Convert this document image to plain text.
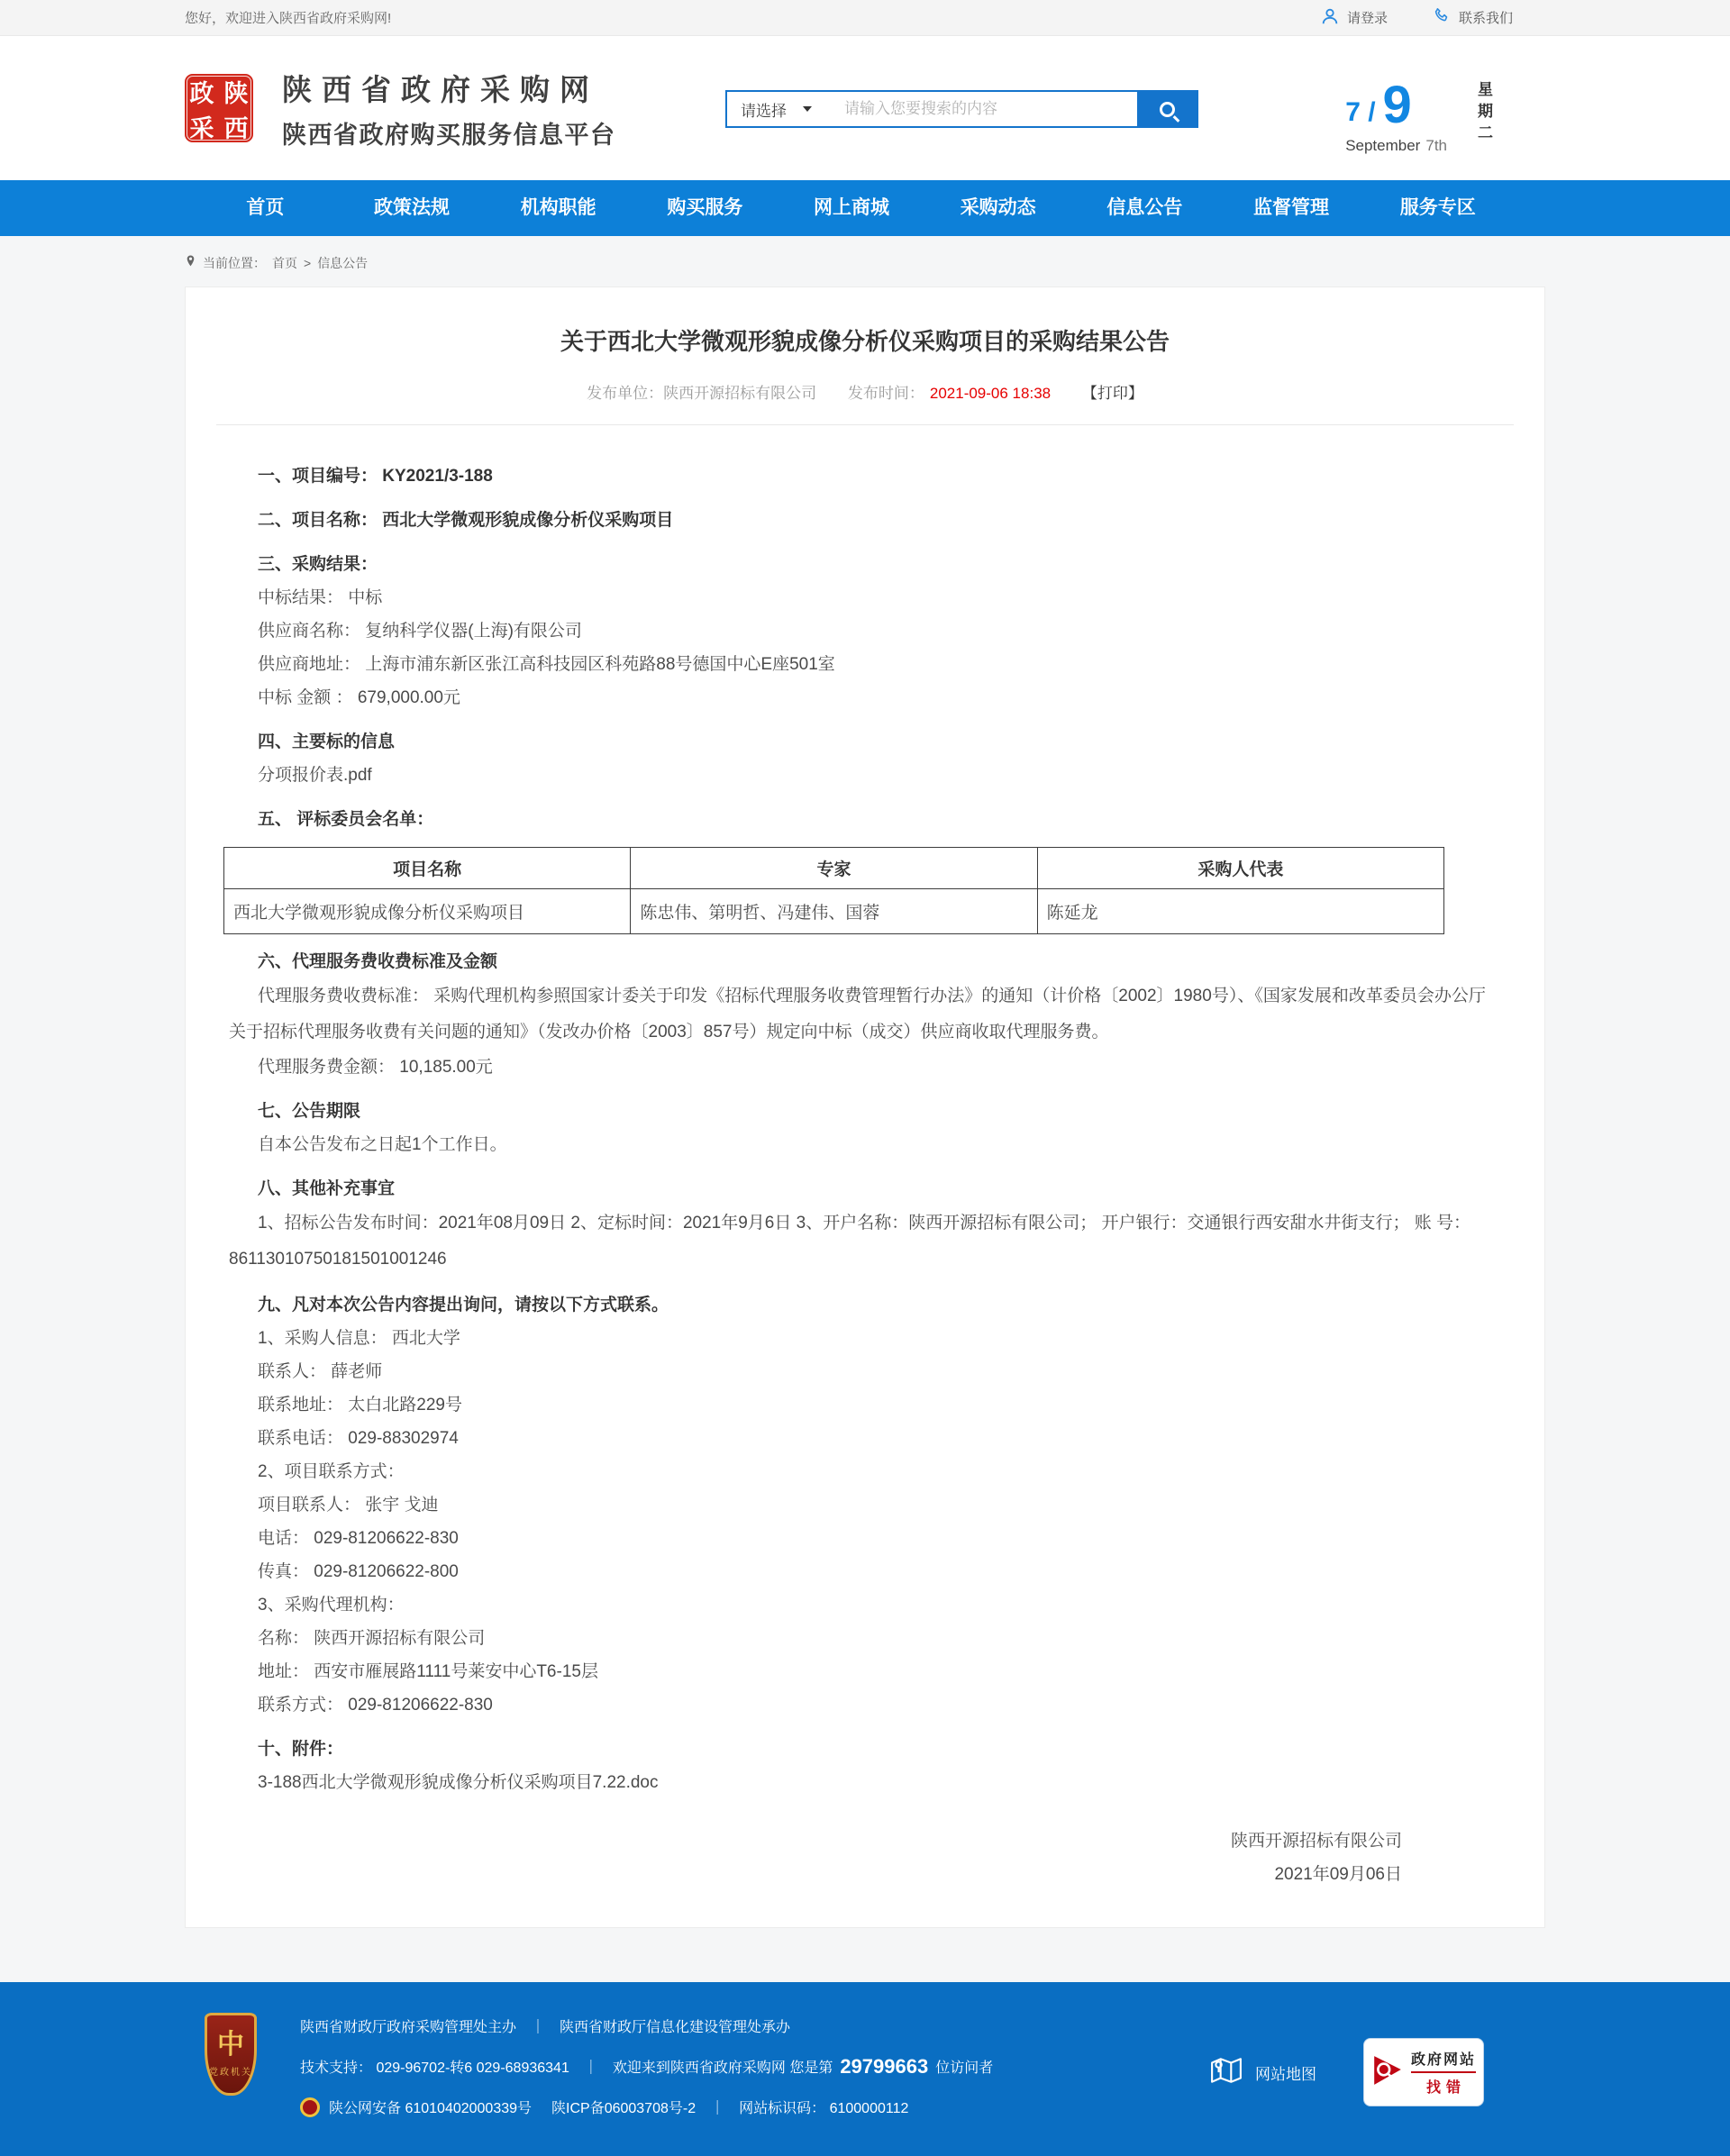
您好，欢迎进入陕西省政府采购网!	请登录	联系我们
政 陕
采 西
陕西省政府采购网
陕西省政府购买服务信息平台
请选择
请输入您要搜索的内容	7 / 9
September 7th 星期二
首页	政策法规	机构职能	购买服务	网上商城	采购动态	信息公告	监督管理	服务专区
当前位置： 首页 > 信息公告
关于西北大学微观形貌成像分析仪采购项目的采购结果公告
发布单位：陕西开源招标有限公司 发布时间： 2021-09-06 18:38 【打印】
一、项目编号： KY2021/3-188
二、项目名称： 西北大学微观形貌成像分析仪采购项目
三、采购结果：
中标结果： 中标
供应商名称： 复纳科学仪器(上海)有限公司
供应商地址： 上海市浦东新区张江高科技园区科苑路88号德国中心E座501室
中标 金额 ： 679,000.00元
四、主要标的信息
分项报价表.pdf
五、 评标委员会名单：
项目名称	专家	采购人代表
西北大学微观形貌成像分析仪采购项目	陈忠伟、第明哲、冯建伟、国蓉	陈延龙
六、代理服务费收费标准及金额
代理服务费收费标准： 采购代理机构参照国家计委关于印发《招标代理服务收费管理暂行办法》的通知（计价格〔2002〕1980号）、《国家发展和改革委员会办公厅关于招标代理服务收费有关问题的通知》（发改办价格〔2003〕857号）规定向中标（成交）供应商收取代理服务费。
代理服务费金额： 10,185.00元
七、公告期限
自本公告发布之日起1个工作日。
八、其他补充事宜
1、招标公告发布时间：2021年08月09日 2、定标时间：2021年9月6日 3、开户名称：陕西开源招标有限公司； 开户银行：交通银行西安甜水井街支行； 账 号：86113010750181501001246
九、凡对本次公告内容提出询问，请按以下方式联系。
1、采购人信息： 西北大学
联系人： 薛老师
联系地址： 太白北路229号
联系电话： 029-88302974
2、项目联系方式：
项目联系人： 张宇 戈迪
电话： 029-81206622-830
传真： 029-81206622-800
3、采购代理机构：
名称： 陕西开源招标有限公司
地址： 西安市雁展路1111号莱安中心T6-15层
联系方式： 029-81206622-830
十、附件：
3-188西北大学微观形貌成像分析仪采购项目7.22.doc
陕西开源招标有限公司
2021年09月06日
中
党政机关
陕西省财政厅政府采购管理处主办 ｜ 陕西省财政厅信息化建设管理处承办
技术支持： 029-96702-转6 029-68936341 ｜ 欢迎来到陕西省政府采购网 您是第 29799663 位访问者
陕公网安备 61010402000339号 陕ICP备06003708号-2 ｜ 网站标识码： 6100000112
网站地图
政府网站
找错
